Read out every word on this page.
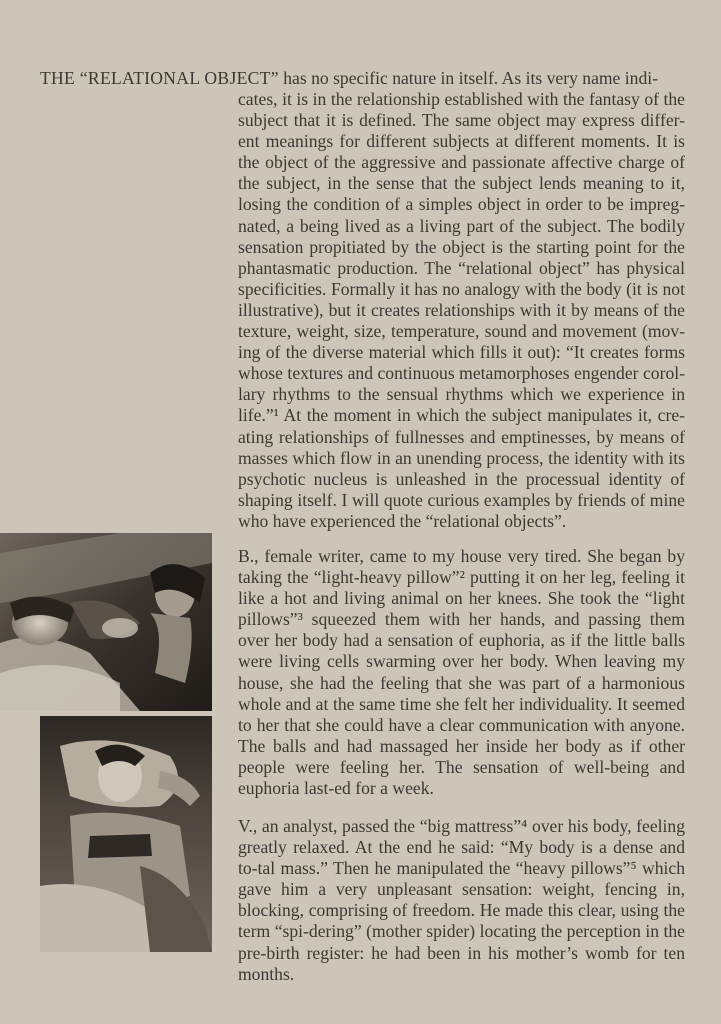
THE “RELATIONAL OBJECT” has no specific nature in itself. As its very name indi-

cates, it is in the relationship established with the fantasy of the subject that it is defined. The same object may express differ-ent meanings for different subjects at different moments. It is the object of the aggressive and passionate affective charge of the subject, in the sense that the subject lends meaning to it, losing the condition of a simples object in order to be impreg-nated, a being lived as a living part of the subject. The bodily sensation propitiated by the object is the starting point for the phantasmatic production. The “relational object” has physical specificities. Formally it has no analogy with the body (it is not illustrative), but it creates relationships with it by means of the texture, weight, size, temperature, sound and movement (mov-ing of the diverse material which fills it out): “It creates forms whose textures and continuous metamorphoses engender corol-lary rhythms to the sensual rhythms which we experience in life.”¹ At the moment in which the subject manipulates it, cre-ating relationships of fullnesses and emptinesses, by means of masses which flow in an unending process, the identity with its psychotic nucleus is unleashed in the processual identity of shaping itself. I will quote curious examples by friends of mine who have experienced the “relational objects”.

B., female writer, came to my house very tired. She began by taking the “light-heavy pillow”² putting it on her leg, feeling it like a hot and living animal on her knees. She took the “light pillows”³ squeezed them with her hands, and passing them over her body had a sensation of euphoria, as if the little balls were living cells swarming over her body. When leaving my house, she had the feeling that she was part of a harmonious whole and at the same time she felt her individuality. It seemed to her that she could have a clear communication with anyone. The balls and had massaged her inside her body as if other people were feeling her. The sensation of well-being and euphoria last-ed for a week.

V., an analyst, passed the “big mattress”⁴ over his body, feeling greatly relaxed. At the end he said: “My body is a dense and to-tal mass.” Then he manipulated the “heavy pillows”⁵ which gave him a very unpleasant sensation: weight, fencing in, blocking, comprising of freedom. He made this clear, using the term “spi-dering” (mother spider) locating the perception in the pre-birth register: he had been in his mother’s womb for ten months.
